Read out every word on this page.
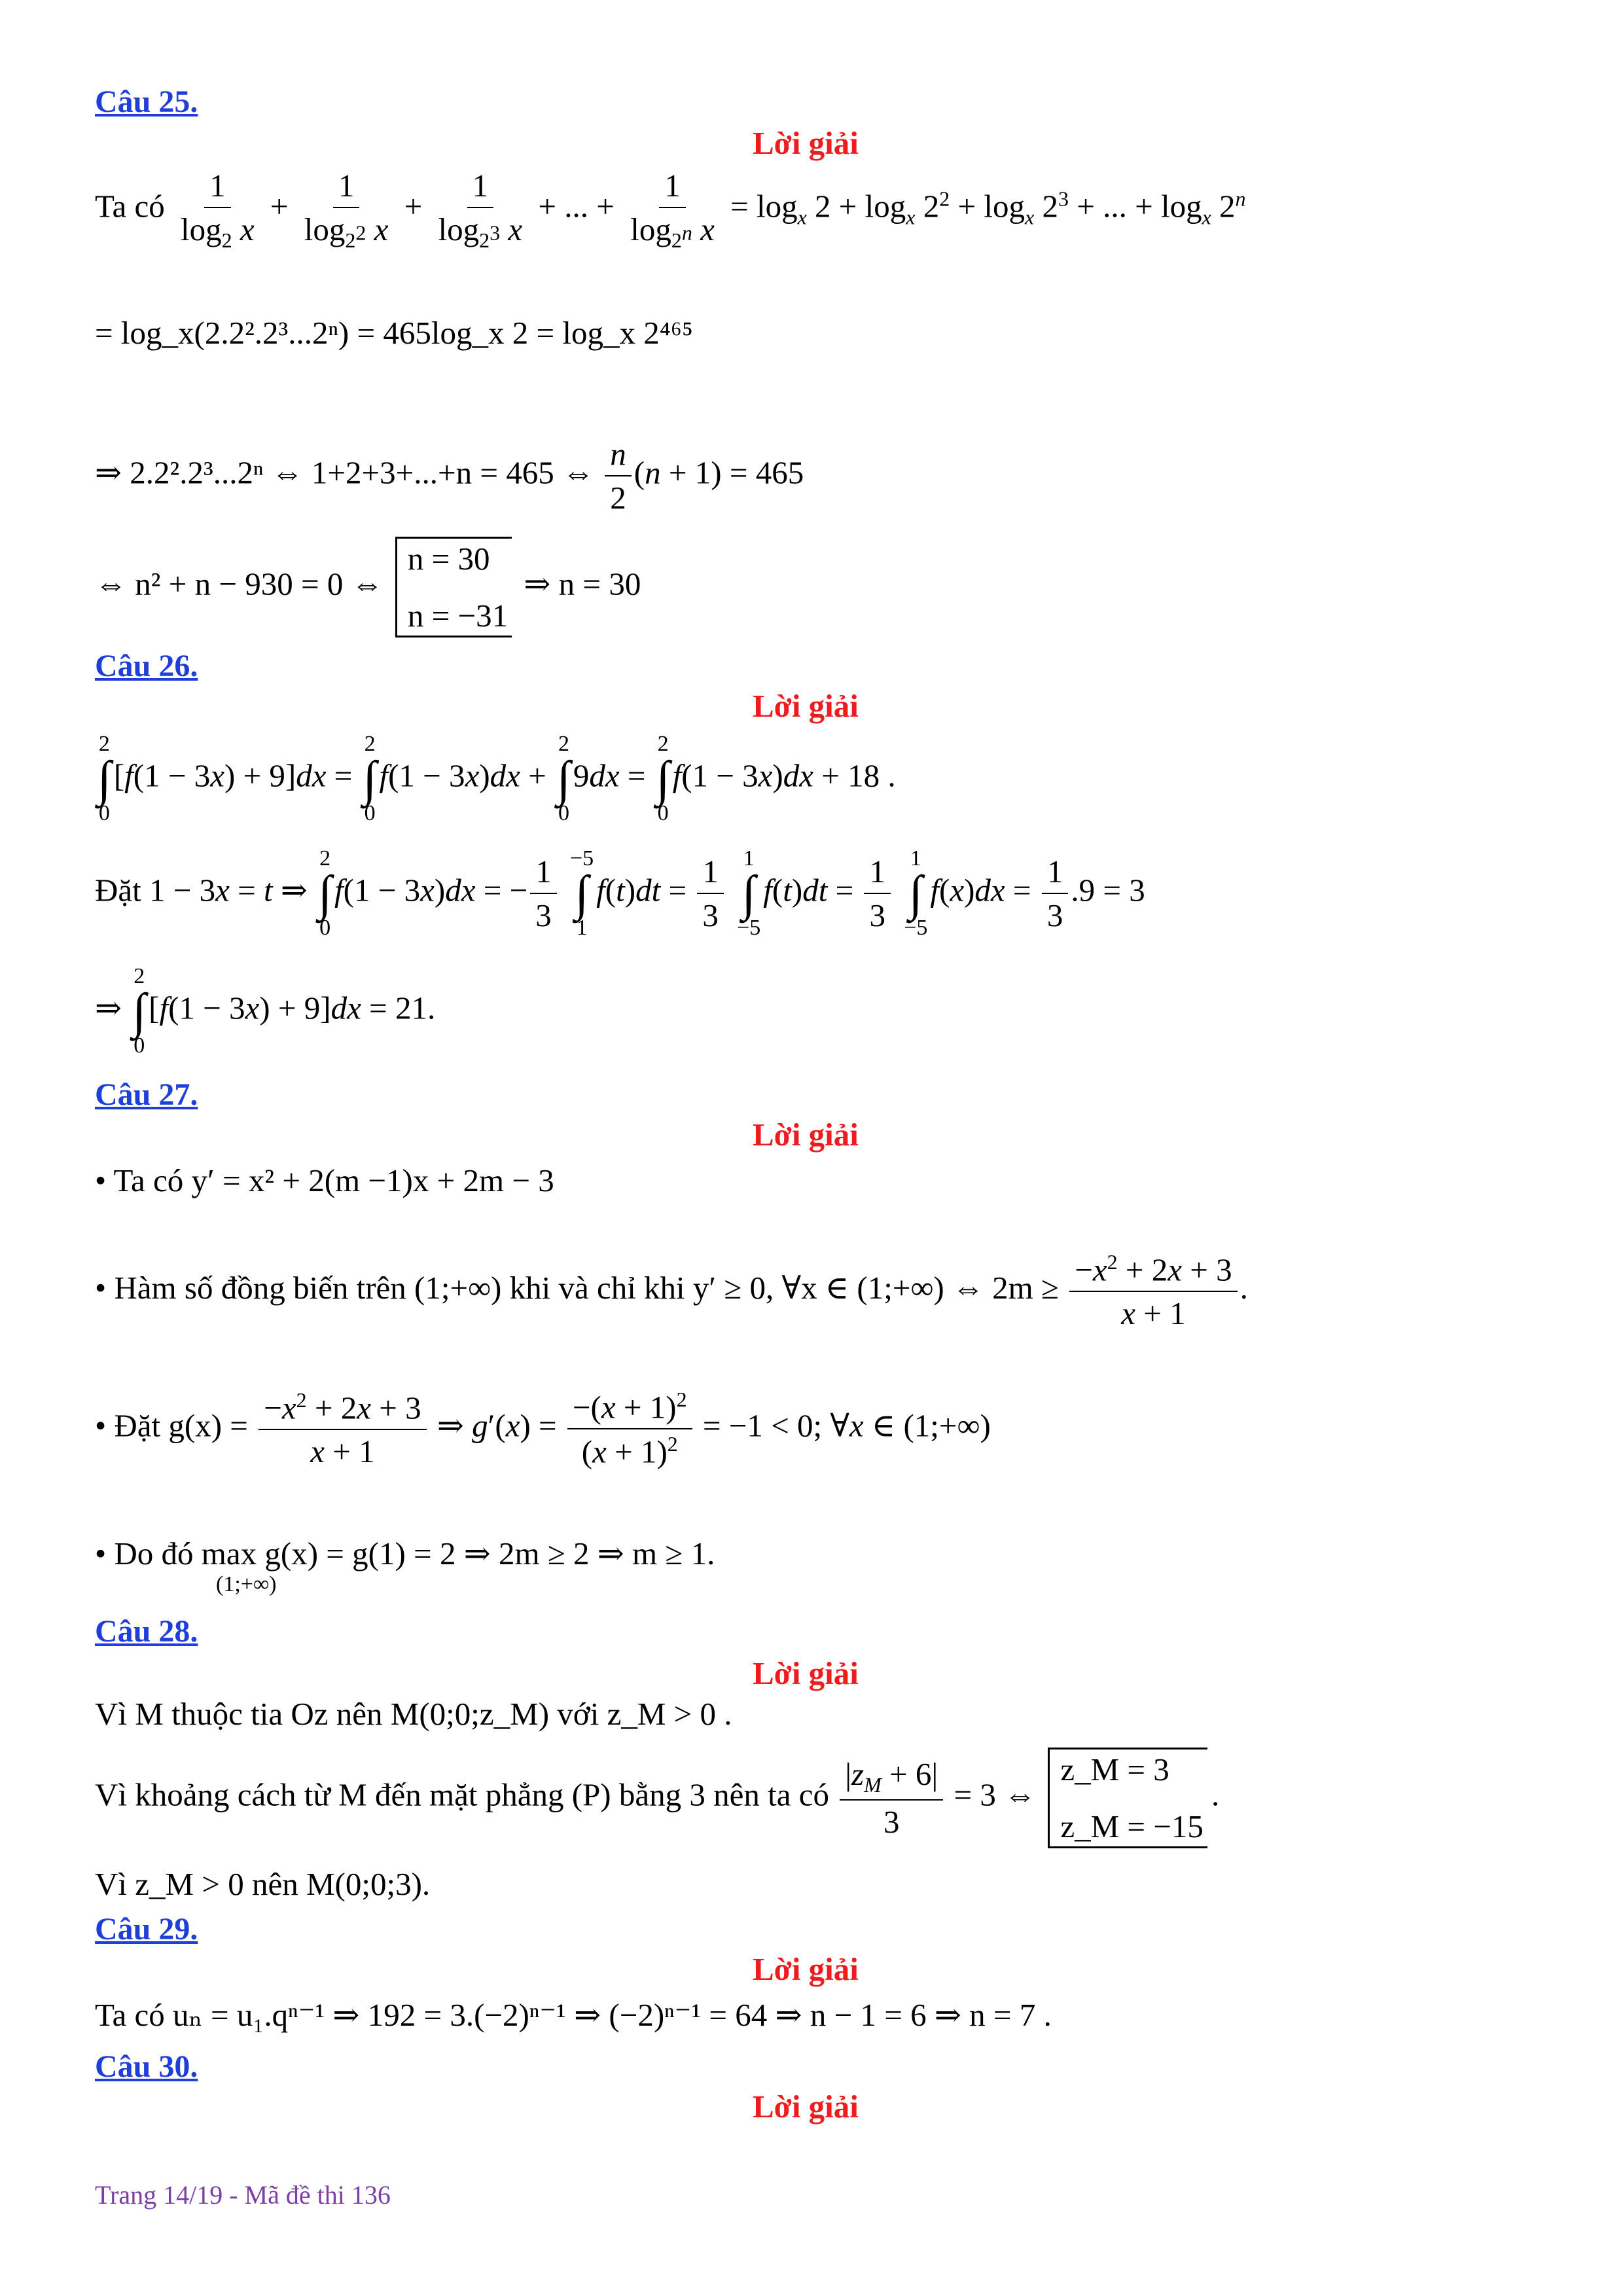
Câu 25.
Lời giải
Ta có $\frac{1}{\log_2 x} + \frac{1}{\log_{2^2} x} + \frac{1}{\log_{2^3} x}$ + ... + $\frac{1}{\log_{2^n} x} = \log_x 2 + \log_x 2^2 + \log_x 2^3$ + ... + $\log_x 2^n$
= log_x(2.2².2³...2ⁿ) = 465log_x 2 = log_x 2⁴⁶⁵
⇒ 2.2².2³...2ⁿ ⇔ 1+2+3+...+n = 465 ⇔ $\frac{n}{2} (n + 1) = 465$
⇔ n² + n − 930 = 0 ⇔
n = 30
n = −31
⇒ n = 30
Câu 26.
Lời giải
2
∫
0
[f(1 − 3x) + 9]dx =
2
∫
0
f(1 − 3x)dx +
2
∫
0
9dx =
2
∫
0
f(1 − 3x)dx + 18 .
Đặt 1 − 3x = t ⇒
2
∫
0
f(1 − 3x)dx = − $\frac{1}{3}$
−5
∫
1
$f(t)dt = \frac{1}{3}$
1
∫
−5
$f(t)dt = \frac{1}{3}$
1
∫
−5
$f(x)dx = \frac{1}{3} .9 = 3$
⇒
2
∫
0
[f(1 − 3x) + 9]dx = 21.
Câu 27.
Lời giải
• Ta có y′ = x² + 2(m −1)x + 2m − 3
• Hàm số đồng biến trên (1;+∞) khi và chỉ khi y′ ≥ 0, ∀x ∈ (1;+∞) ⇔ $2m \ge \frac{-x^2 + 2x + 3}{x + 1}$ .
• Đặt $g(x) = \frac{-x^2 + 2x + 3}{x + 1}$ ⇒ $g'(x) = \frac{-(x + 1)^2}{(x + 1)^2} = -1 < 0$; ∀x ∈ (1;+∞)
• Do đó max g(x) = g(1) = 2 ⇒ 2m ≥ 2 ⇒ m ≥ 1.
(1;+∞)
Câu 28.
Lời giải
Vì M thuộc tia Oz nên M(0;0;z_M) với z_M > 0 .
Vì khoảng cách từ M đến mặt phẳng (P) bằng 3 nên ta có $\frac{|z_M + 6|}{3} = 3$ ⇔
z_M = 3
z_M = −15
.
Vì z_M > 0 nên M(0;0;3).
Câu 29.
Lời giải
Ta có uₙ = u₁.qⁿ⁻¹ ⇒ 192 = 3.(−2)ⁿ⁻¹ ⇒ (−2)ⁿ⁻¹ = 64 ⇒ n − 1 = 6 ⇒ n = 7 .
Câu 30.
Lời giải
Trang 14/19 - Mã đề thi 136
